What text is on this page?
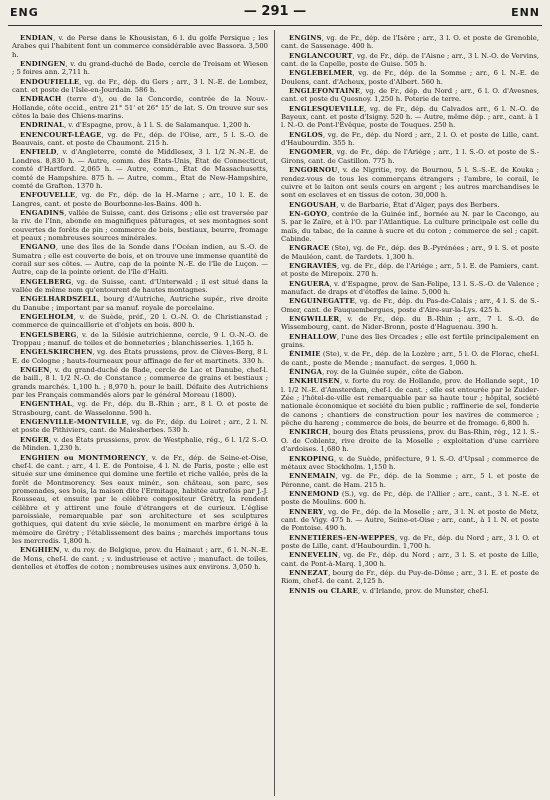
ENG	— 291 —	ENN

ENDIAN, v. de Perse dans le Khousistan, 6 l. du golfe Persique ; les Arabes qui l'habitent font un commerce considérable avec Bassora. 3,500 h.

ENDINGEN, v. du grand-duché de Bade, cercle de Treisam et Wiesen ; 5 foires ann. 2,711 h.

ENDOUFIELLE, vg. de Fr., dép. du Gers ; arr., 3 l. N.-E. de Lombez, cant. et poste de l'Isle-en-Jourdain. 586 h.

ENDRACH (terre d'), ou de la Concorde, contrée de la Nouv.-Hollande, côte occid., entre 21° 51' et 26° 15' de lat. S. On trouve sur ses côtes la baie des Chiens-marins.

ENDRINAL, v. d'Espagne, prov., à 1 l. S. de Salamanque. 1,200 h.

ENENCOURT-LÉAGE, vg. de Fr., dép. de l'Oise, arr., 5 l. S.-O. de Beauvais, cant. et poste de Chaumont. 215 h.

ENFIELD, v. d'Angleterre, comté de Middlesex, 3 l. 1/2 N.-N.-E. de Londres. 8,830 h. — Autre, comm. des États-Unis, État de Connecticut, comté d'Hartford. 2,065 h. — Autre, comm., État de Massachusetts, comté de Hampshire. 875 h. — Autre, comm., État de New-Hampshire, comté de Grafton. 1370 h.

ENFOUVELLE, vg. de Fr., dép. de la H.-Marne ; arr., 10 l. E. de Langres, cant. et poste de Bourbonne-les-Bains. 400 h.

ENGADINS, vallée de Suisse, cant. des Grisons ; elle est traversée par la riv. de l'Inn, abonde en magnifiques pâturages, et ses montagnes sont couvertes de forêts de pin ; commerce de bois, bestiaux, beurre, fromage et peaux ; nombreuses sources minérales.

ENGANO, une des îles de la Sonde dans l'Océan indien, au S.-O. de Sumatra ; elle est couverte de bois, et on trouve une immense quantité de corail sur ses côtes. — Autre, cap de la pointe N.-E. de l'île de Luçon. — Autre, cap de la pointe orient. de l'île d'Haïti.

ENGELBERG, vg. de Suisse, cant. d'Unterwald ; il est situé dans la vallée de même nom qu'entourent de hautes montagnes.

ENGELHARDSZELL, bourg d'Autriche, Autriche supér., rive droite du Danube ; important par sa manuf. royale de porcelaine.

ENGELHOLM, v. de Suède, préf., 20 l. O.-N. O. de Christianstad ; commerce de quincaillerie et d'objets en bois. 800 h.

ENGELSBERG, v. de la Silésie autrichienne, cercle, 9 l. O.-N.-O. de Troppau ; manuf. de toiles et de bonneteries ; blanchisseries. 1,165 h.

ENGELSKIRCHEN, vg. des États prussiens, prov. de Clèves-Berg, 8 l. E. de Cologne ; hauts-fourneaux pour affinage de fer et martinets. 330 h.

ENGEN, v. du grand-duché de Bade, cercle de Lac et Danube, chef-l. de baill., 8 l. 1/2 N.-O. de Constance ; commerce de grains et bestiaux ; grands marchés. 1,100 h. ; 8,970 h. pour le baill. Défaite des Autrichiens par les Français commandés alors par le général Moreau (1800).

ENGENTHAL, vg. de Fr., dép. du B.-Rhin ; arr., 8 l. O. et poste de Strasbourg, cant. de Wasselonne. 590 h.

ENGENVILLE-MONTVILLE, vg. de Fr., dép. du Loiret ; arr., 2 l. N. et poste de Pithiviers, cant. de Malesherbes. 530 h.

ENGER, v. des États prussiens, prov. de Westphalie, rég., 6 l. 1/2 S.-O. de Minden. 1,230 h.

ENGHIEN ou MONTMORENCY, v. de Fr., dép. de Seine-et-Oise, chef-l. de cant. ; arr., 4 l. E. de Pontoise, 4 l. N. de Paris, poste ; elle est située sur une éminence qui domine une fertile et riche vallée, près de la forêt de Montmorency. Ses eaux minér., son château, son parc, ses promenades, ses bois, la maison dite l'Ermitage, habitée autrefois par J.-J. Rousseau, et ensuite par le célèbre compositeur Grétry, la rendent célèbre et y attirent une foule d'étrangers et de curieux. L'église paroissiale, remarquable par son architecture et ses sculptures gothiques, qui datent du xvie siècle, le monument en marbre érigé à la mémoire de Grétry ; l'établissement des bains ; marchés importans tous les mercredis. 1,800 h.

ENGHIEN, v. du roy. de Belgique, prov. du Hainaut ; arr., 6 l. N.-N.-E. de Mons, chef-l. de cant. ; v. industrieuse et active ; manufact. de toiles, dentelles et étoffes de coton ; nombreuses usines aux environs. 3,050 h.

ENGINS, vg. de Fr., dép. de l'Isère ; arr., 3 l. O. et poste de Grenoble, cant. de Sassenage. 400 h.

ENGLANCOURT, vg. de Fr., dép. de l'Aisne ; arr., 3 l. N.-O. de Vervins, cant. de la Capelle, poste de Guise. 505 h.

ENGLEBELMER, vg. de Fr., dép. de la Somme ; arr., 6 l. N.-E. de Doulens, cant. d'Acheux, poste d'Albert. 560 h.

ENGLEFONTAINE, vg. de Fr., dép. du Nord ; arr., 6 l. O. d'Avesnes, cant. et poste du Quesnoy. 1,250 h. Poterie de terre.

ENGLESQUEVILLE, vg. de Fr., dép. du Calvados arr., 6 l. N.-O. de Bayeux, cant. et poste d'Isigny. 520 h. — Autre, même dép. ; arr., cant. à 1 l. N.-O. de Pont-l'Évêque, poste de Touques. 250 h.

ENGLOS, vg. de Fr., dép. du Nord ; arr., 2 l. O. et poste de Lille, cant. d'Haubourdin. 355 h.

ENGOMER, vg. de Fr., dép. de l'Ariége ; arr., 1 l. S.-O. et poste de S.-Girons, cant. de Castillon. 775 h.

ENGORNOU, v. de Nigritie, roy. de Bournou, 5 l. S.-S.-E. de Kouka ; rendez-vous de tous les commerçans étrangers ; l'ambre, le corail, le cuivre et le laiton ont seuls cours en argent ; les autres marchandises le sont en esclaves et en tissus de coton. 30,000 h.

ENGOUSAH, v. de Barbarie, État d'Alger, pays des Berbers.

EN-GOYO, contrée de la Guinée inf., bornée au N. par le Cacongo, au S. par le Zaïre, et à l'O. par l'Atlantique. La culture principale est celle du maïs, du tabac, de la canne à sucre et du coton ; commerce de sel ; capit. Cabinde.

ENGRACE (Ste), vg. de Fr., dép. des B.-Pyrénées ; arr., 9 l. S. et poste de Mauléon, cant. de Tardets. 1,300 h.

ENGRAVIÈS, vg. de Fr., dép. de l'Ariége ; arr., 5 l. E. de Pamiers, cant. et poste de Mirepoix. 270 h.

ENGUERA, v. d'Espagne, prov. de San-Felipe, 13 l. S.-S.-O. de Valence ; manufact. de draps et d'étoffes de laine. 5,000 h.

ENGUINEGATTE, vg. de Fr., dép. du Pas-de-Calais ; arr., 4 l. S. de S.-Omer, cant. de Fauquembergues, poste d'Aire-sur-la-Lys. 425 h.

ENGWILLER, v. de Fr., dép. du B.-Rhin ; arr., 7 l. S.-O. de Wissembourg, cant. de Nider-Bronn, poste d'Haguenau. 390 h.

ENHALLOW, l'une des îles Orcades ; elle est fertile principalement en grains.

ÉNIMIE (Ste), v. de Fr., dép. de la Lozère ; arr., 5 l. O. de Florac, chef-l. de cant., poste de Mende ; manufact. de serges. 1,060 h.

ÉNINGA, roy. de la Guinée supér., côte de Gabon.

ENKHUISEN, v. forte du roy. de Hollande, prov. de Hollande sept., 10 l. 1/2 N.-E. d'Amsterdam, chef-l. de cant. ; elle est entourée par le Zuider-Zée ; l'hôtel-de-ville est remarquable par sa haute tour ; hôpital, société nationale économique et société du bien public ; raffinerie de sel, fonderie de canons ; chantiers de construction pour les navires de commerce ; pêche du hareng ; commerce de bois, de beurre et de fromage. 6,800 h.

ENKIRCH, bourg des États prussiens, prov. du Bas-Rhin, rég., 12 l. S.-O. de Coblentz, rive droite de la Moselle ; exploitation d'une carrière d'ardoises. 1,680 h.

ENKOPING, v. de Suède, préfecture, 9 l. S.-O. d'Upsal ; commerce de métaux avec Stockholm. 1,150 h.

ENNEMAIN, vg. de Fr., dép. de la Somme ; arr., 5 l. et poste de Péronne, cant. de Ham. 215 h.

ENNEMOND (S.), vg. de Fr., dép. de l'Allier ; arr., cant., 3 l. N.-E. et poste de Moulins. 600 h.

ENNERY, vg. de Fr., dép. de la Moselle ; arr., 3 l. N. et poste de Metz, cant. de Vigy. 475 h. — Autre, Seine-et-Oise ; arr., cant., à 1 l. N. et poste de Pontoise. 490 h.

ENNETIÈRES-EN-WEPPES, vg. de Fr., dép. du Nord ; arr., 3 l. O. et poste de Lille, cant. d'Haubourdin. 1,700 h.

ENNEVELIN, vg. de Fr., dép. du Nord ; arr., 3 l. S. et poste de Lille, cant. de Pont-à-Marq. 1,300 h.

ENNEZAT, bourg de Fr., dép. du Puy-de-Dôme ; arr., 3 l. E. et poste de Riom, chef-l. de cant. 2,125 h.

ENNIS ou CLARE, v. d'Irlande, prov. de Munster, chef-l.
